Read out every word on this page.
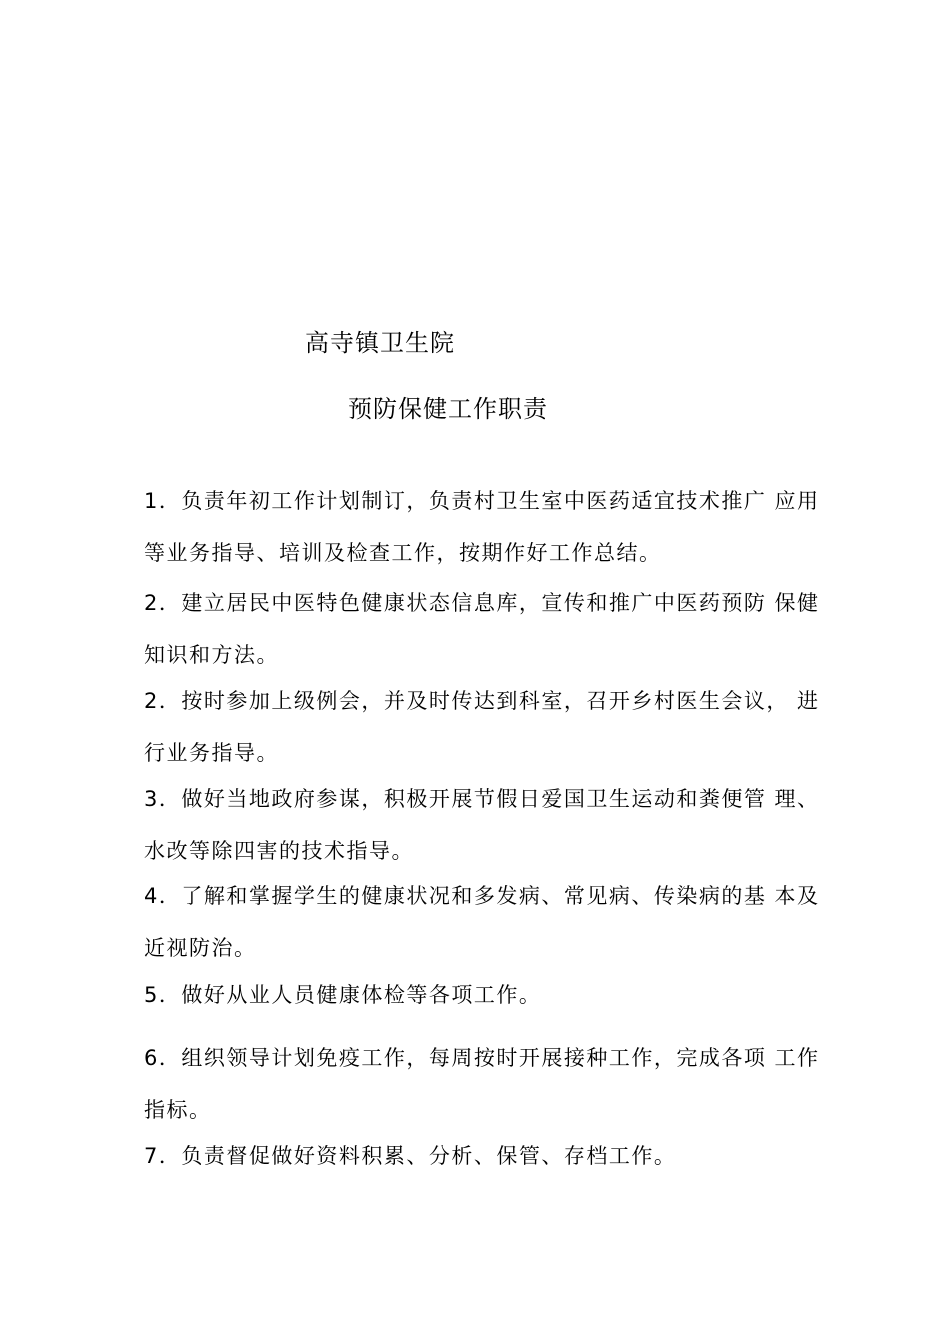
高寺镇卫生院
预防保健工作职责
1．负责年初工作计划制订，负责村卫生室中医药适宜技术推广 应用等业务指导、培训及检查工作，按期作好工作总结。
2．建立居民中医特色健康状态信息库，宣传和推广中医药预防 保健知识和方法。
2．按时参加上级例会，并及时传达到科室，召开乡村医生会议， 进行业务指导。
3．做好当地政府参谋，积极开展节假日爱国卫生运动和粪便管 理、水改等除四害的技术指导。
4．了解和掌握学生的健康状况和多发病、常见病、传染病的基 本及近视防治。
5．做好从业人员健康体检等各项工作。
6．组织领导计划免疫工作，每周按时开展接种工作，完成各项 工作指标。
7．负责督促做好资料积累、分析、保管、存档工作。
